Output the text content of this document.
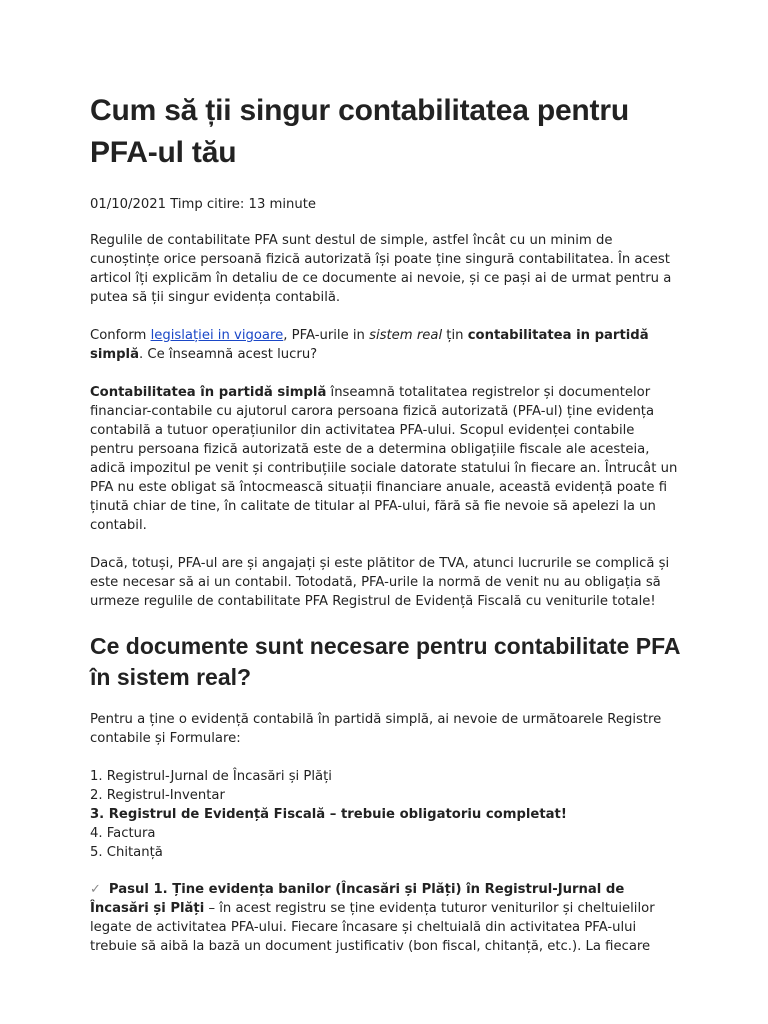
Cum să ții singur contabilitatea pentru PFA-ul tău

01/10/2021 Timp citire: 13 minute

Regulile de contabilitate PFA sunt destul de simple, astfel încât cu un minim de cunoștințe orice persoană fizică autorizată își poate ține singură contabilitatea. În acest articol îți explicăm în detaliu de ce documente ai nevoie, și ce pași ai de urmat pentru a putea să ții singur evidența contabilă.

Conform legislației in vigoare, PFA-urile in sistem real țin contabilitatea in partidă simplă. Ce înseamnă acest lucru?

Contabilitatea în partidă simplă înseamnă totalitatea registrelor și documentelor financiar-contabile cu ajutorul carora persoana fizică autorizată (PFA-ul) ține evidența contabilă a tutuor operațiunilor din activitatea PFA-ului. Scopul evidenței contabile pentru persoana fizică autorizată este de a determina obligațiile fiscale ale acesteia, adică impozitul pe venit și contribuțiile sociale datorate statului în fiecare an. Întrucât un PFA nu este obligat să întocmească situații financiare anuale, această evidență poate fi ținută chiar de tine, în calitate de titular al PFA-ului, fără să fie nevoie să apelezi la un contabil.

Dacă, totuși, PFA-ul are și angajați și este plătitor de TVA, atunci lucrurile se complică și este necesar să ai un contabil. Totodată, PFA-urile la normă de venit nu au obligația să urmeze regulile de contabilitate PFA Registrul de Evidență Fiscală cu veniturile totale!

Ce documente sunt necesare pentru contabilitate PFA în sistem real?

Pentru a ține o evidență contabilă în partidă simplă, ai nevoie de următoarele Registre contabile și Formulare:

1. Registrul-Jurnal de Încasări și Plăți
2. Registrul-Inventar
3. Registrul de Evidență Fiscală – trebuie obligatoriu completat!
4. Factura
5. Chitanță

✓ Pasul 1. Ține evidența banilor (Încasări și Plăți) în Registrul-Jurnal de Încasări și Plăți – în acest registru se ține evidența tuturor veniturilor și cheltuielilor legate de activitatea PFA-ului. Fiecare încasare și cheltuială din activitatea PFA-ului trebuie să aibă la bază un document justificativ (bon fiscal, chitanță, etc.). La fiecare
